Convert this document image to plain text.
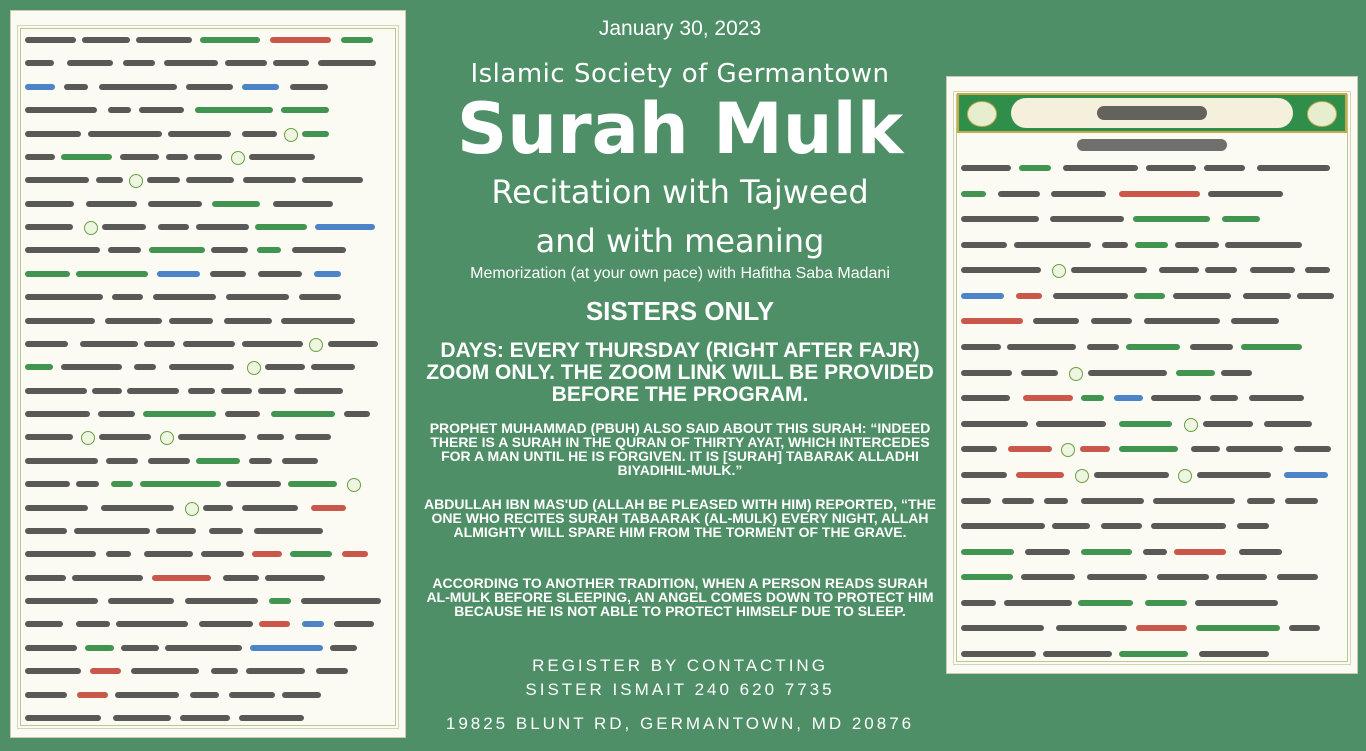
January 30, 2023
Islamic Society of Germantown
Surah Mulk
Recitation with Tajweed
and with meaning
Memorization (at your own pace) with Hafitha Saba Madani
SISTERS ONLY
DAYS: EVERY THURSDAY (RIGHT AFTER FAJR) ZOOM ONLY. THE ZOOM LINK WILL BE PROVIDED BEFORE THE PROGRAM.
PROPHET MUHAMMAD (PBUH) ALSO SAID ABOUT THIS SURAH: “INDEED THERE IS A SURAH IN THE QURAN OF THIRTY AYAT, WHICH INTERCEDES FOR A MAN UNTIL HE IS FORGIVEN. IT IS [SURAH] TABARAK ALLADHI BIYADIHIL-MULK.”
ABDULLAH IBN MAS'UD (ALLAH BE PLEASED WITH HIM) REPORTED, “THE ONE WHO RECITES SURAH TABAARAK (AL-MULK) EVERY NIGHT, ALLAH ALMIGHTY WILL SPARE HIM FROM THE TORMENT OF THE GRAVE.
ACCORDING TO ANOTHER TRADITION, WHEN A PERSON READS SURAH AL-MULK BEFORE SLEEPING, AN ANGEL COMES DOWN TO PROTECT HIM BECAUSE HE IS NOT ABLE TO PROTECT HIMSELF DUE TO SLEEP.
REGISTER BY CONTACTING
SISTER ISMAIT 240 620 7735
19825 BLUNT RD, GERMANTOWN, MD 20876
